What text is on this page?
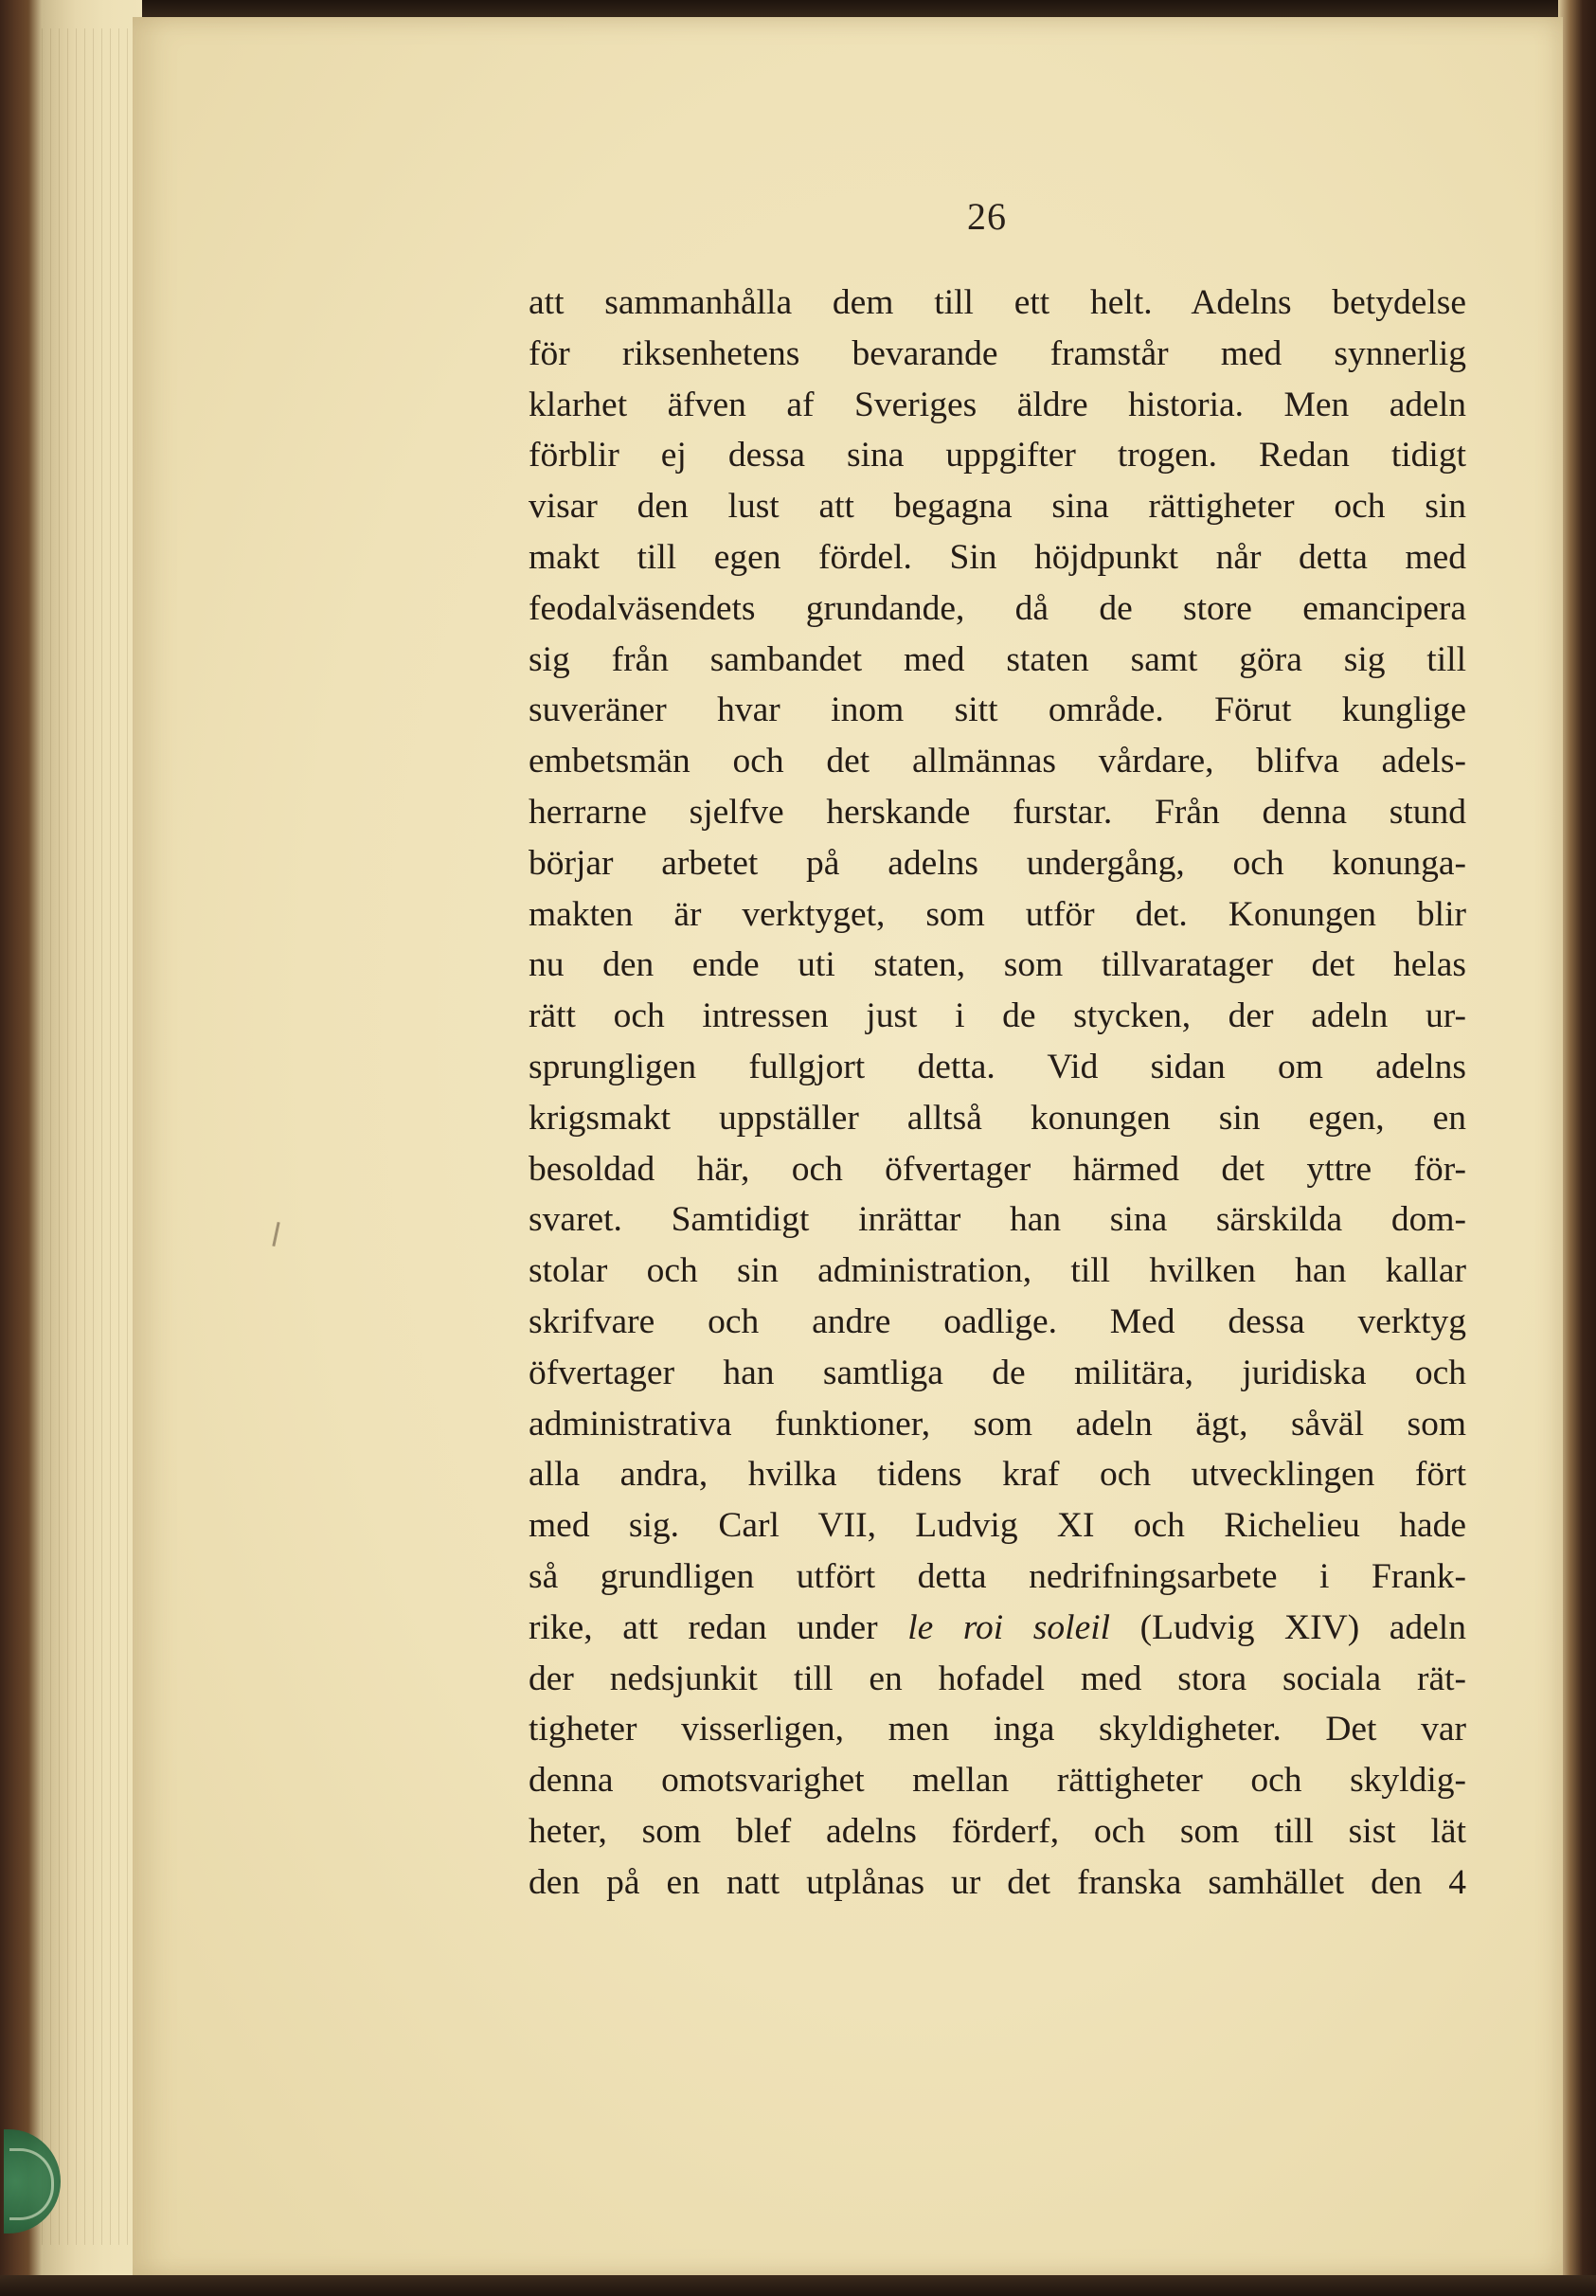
26
att sammanhålla dem till ett helt. Adelns betydelse
för riksenhetens bevarande framstår med synnerlig
klarhet äfven af Sveriges äldre historia. Men adeln
förblir ej dessa sina uppgifter trogen. Redan tidigt
visar den lust att begagna sina rättigheter och sin
makt till egen fördel. Sin höjdpunkt når detta med
feodalväsendets grundande, då de store emancipera
sig från sambandet med staten samt göra sig till
suveräner hvar inom sitt område. Förut kunglige
embetsmän och det allmännas vårdare, blifva adels-
herrarne sjelfve herskande furstar. Från denna stund
börjar arbetet på adelns undergång, och konunga-
makten är verktyget, som utför det. Konungen blir
nu den ende uti staten, som tillvaratager det helas
rätt och intressen just i de stycken, der adeln ur-
sprungligen fullgjort detta. Vid sidan om adelns
krigsmakt uppställer alltså konungen sin egen, en
besoldad här, och öfvertager härmed det yttre för-
svaret. Samtidigt inrättar han sina särskilda dom-
stolar och sin administration, till hvilken han kallar
skrifvare och andre oadlige. Med dessa verktyg
öfvertager han samtliga de militära, juridiska och
administrativa funktioner, som adeln ägt, såväl som
alla andra, hvilka tidens kraf och utvecklingen fört
med sig. Carl VII, Ludvig XI och Richelieu hade
så grundligen utfört detta nedrifningsarbete i Frank-
rike, att redan under le roi soleil (Ludvig XIV) adeln
der nedsjunkit till en hofadel med stora sociala rät-
tigheter visserligen, men inga skyldigheter. Det var
denna omotsvarighet mellan rättigheter och skyldig-
heter, som blef adelns förderf, och som till sist lät
den på en natt utplånas ur det franska samhället den 4
